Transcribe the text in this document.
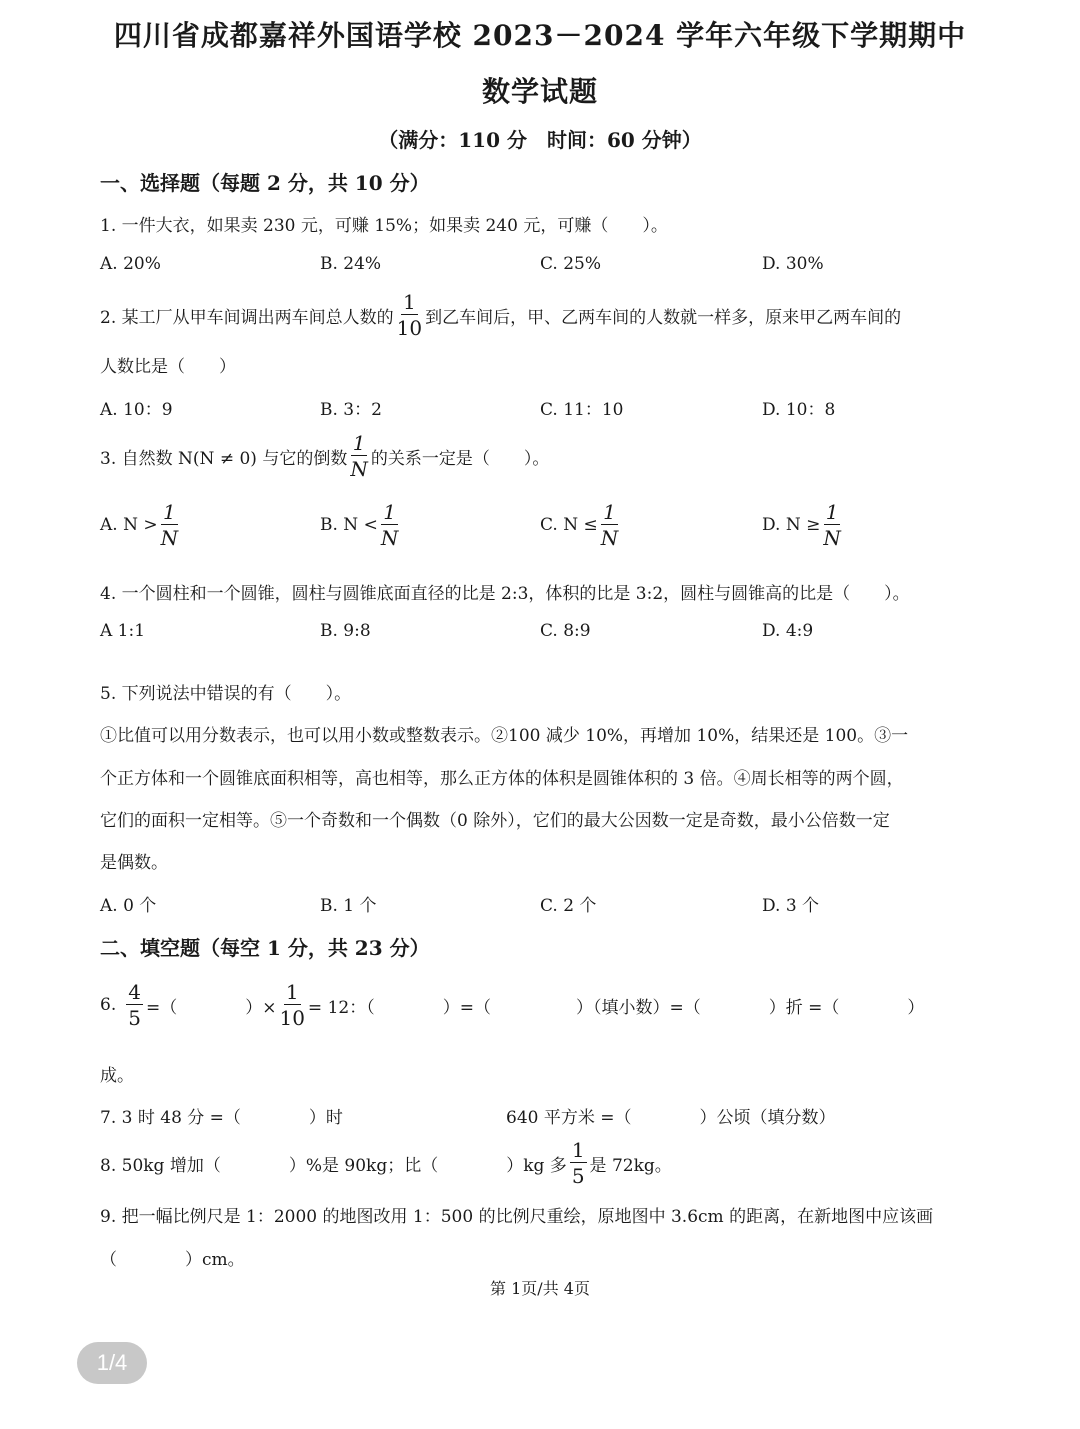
四川省成都嘉祥外国语学校 2023－2024 学年六年级下学期期中
数学试题
（满分：110 分　时间：60 分钟）
一、选择题（每题 2 分，共 10 分）
1. 一件大衣，如果卖 230 元，可赚 15%；如果卖 240 元，可赚（　　）。
A. 20%	B. 24%	C. 25%	D. 30%
2. 某工厂从甲车间调出两车间总人数的 $\frac{1}{10}$ 到乙车间后，甲、乙两车间的人数就一样多，原来甲乙两车间的
人数比是（　　）
A. 10：9	B. 3：2	C. 11：10	D. 10：8
3. 自然数 N(N ≠ 0) 与它的倒数 $\frac{1}{N}$ 的关系一定是（　　）。
A. $N > \frac{1}{N}$	B. $N < \frac{1}{N}$	C. $N \le \frac{1}{N}$	D. $N \ge \frac{1}{N}$
4. 一个圆柱和一个圆锥，圆柱与圆锥底面直径的比是 2:3，体积的比是 3:2，圆柱与圆锥高的比是（　　）。
A 1:1	B. 9:8	C. 8:9	D. 4:9
5. 下列说法中错误的有（　　）。
①比值可以用分数表示，也可以用小数或整数表示。②100 减少 10%，再增加 10%，结果还是 100。③一
个正方体和一个圆锥底面积相等，高也相等，那么正方体的体积是圆锥体积的 3 倍。④周长相等的两个圆，
它们的面积一定相等。⑤一个奇数和一个偶数（0 除外），它们的最大公因数一定是奇数，最小公倍数一定
是偶数。
A. 0 个	B. 1 个	C. 2 个	D. 3 个
二、填空题（每空 1 分，共 23 分）
6. $\frac{4}{5}$ =（　　　　）× $\frac{1}{10} = 12$：（　　　　）=（　　　　　）（填小数）=（　　　　）折 =（　　　　）
成。
7. 3 时 48 分 =（　　　　）时	640 平方米 =（　　　　）公顷（填分数）
8. 50kg 增加（　　　　）%是 90kg；比（　　　　）kg 多 $\frac{1}{5}$ 是 72kg。
9. 把一幅比例尺是 1：2000 的地图改用 1：500 的比例尺重绘，原地图中 3.6cm 的距离，在新地图中应该画
（　　　　）cm。
第 1页/共 4页
1/4
